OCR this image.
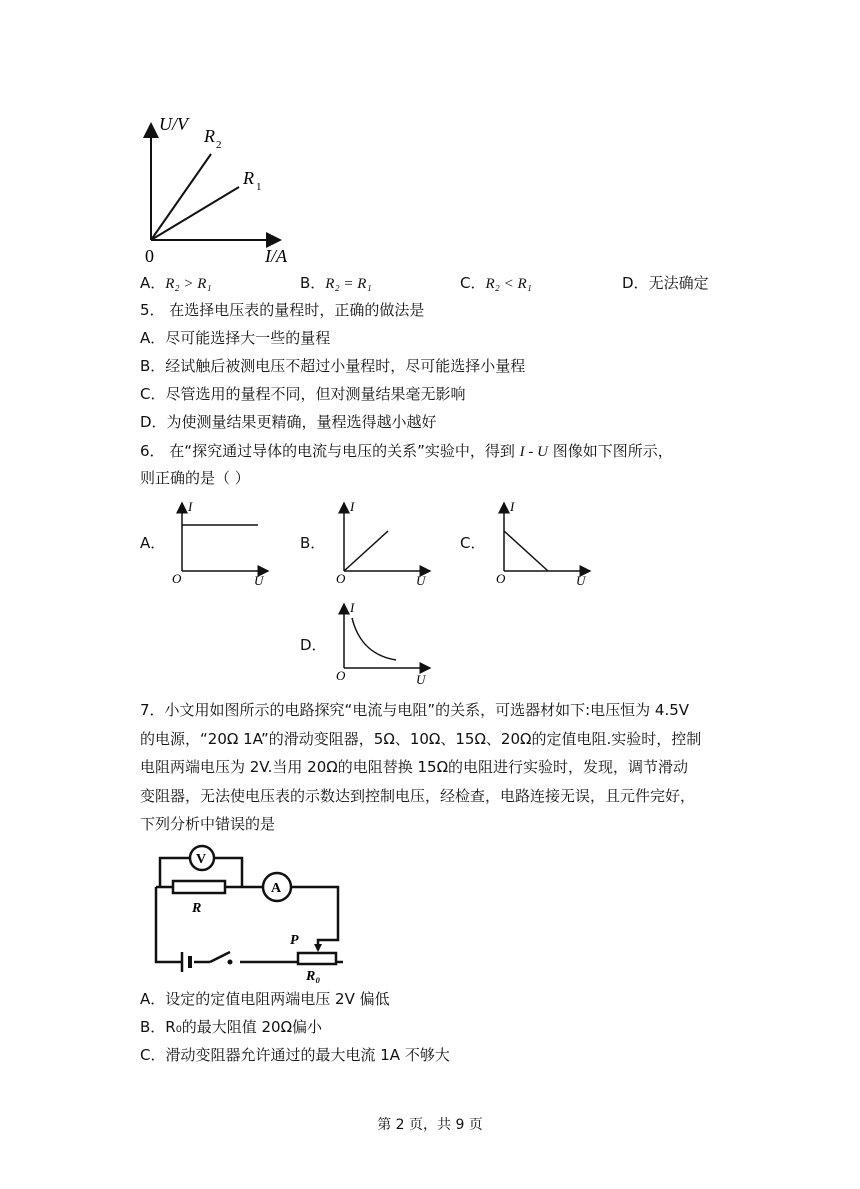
U/V
0	I/A
R 2
R 1
A．R₂ > R₁	B．R₂ = R₁	C．R₂ < R₁	D．无法确定
5． 在选择电压表的量程时，正确的做法是
A．尽可能选择大一些的量程
B．经试触后被测电压不超过小量程时，尽可能选择小量程
C．尽管选用的量程不同，但对测量结果毫无影响
D．为使测量结果更精确，量程选得越小越好
6． 在“探究通过导体的电流与电压的关系”实验中，得到 I - U 图像如下图所示，
则正确的是（ ）
A．
I
O	U
B．
I
O	U
C．
I
O	U
D．
I
O	U
7．小文用如图所示的电路探究“电流与电阻”的关系，可选器材如下:电压恒为 4.5V
的电源，“20Ω 1A”的滑动变阻器，5Ω、10Ω、15Ω、20Ω的定值电阻.实验时，控制
电阻两端电压为 2V.当用 20Ω的电阻替换 15Ω的电阻进行实验时，发现，调节滑动
变阻器，无法使电压表的示数达到控制电压，经检查，电路连接无误，且元件完好，
下列分析中错误的是
V
A
R
P
R₀
A．设定的定值电阻两端电压 2V 偏低
B．R₀的最大阻值 20Ω偏小
C．滑动变阻器允许通过的最大电流 1A 不够大
第 2 页，共 9 页
